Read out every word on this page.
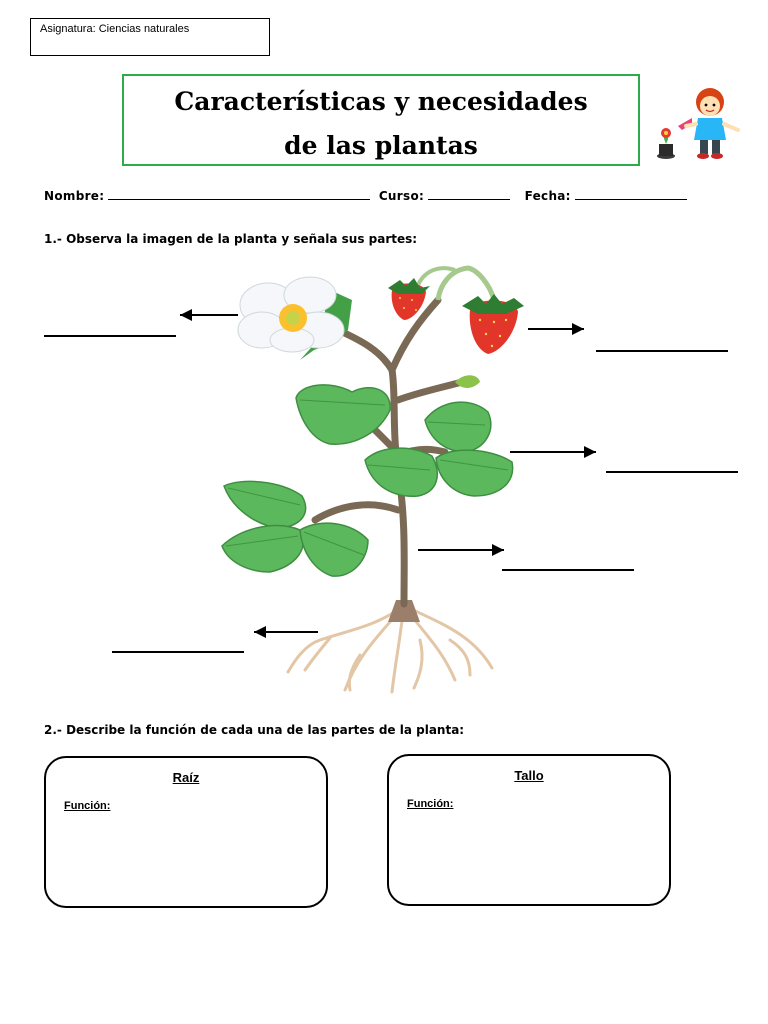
Asignatura: Ciencias naturales
Características y necesidades
de las plantas
Nombre:	Curso:	Fecha:
1.- Observa la imagen de la planta y señala sus partes:
2.- Describe la función de cada una de las partes de la planta:
Raíz
Función:
Tallo
Función:
